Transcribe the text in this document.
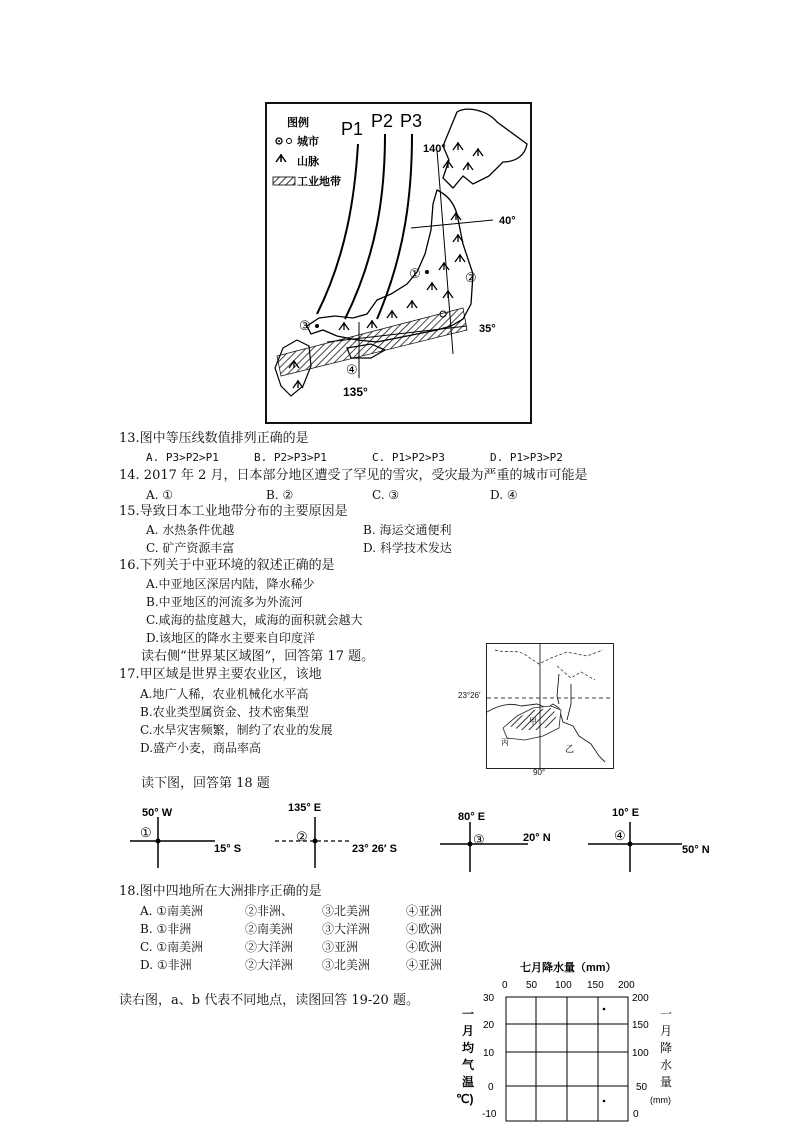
图例
城市
山脉
工业地带
P1 P2 P3
140°
40°
35°
135°
①	②
③
④
13.图中等压线数值排列正确的是
A. P3>P2>P1	B. P2>P3>P1	C. P1>P2>P3	D. P1>P3>P2
14. 2017 年 2 月，日本部分地区遭受了罕见的雪灾，受灾最为严重的城市可能是
A. ①	B. ②	C. ③	D. ④
15.导致日本工业地带分布的主要原因是
A. 水热条件优越	B. 海运交通便利
C. 矿产资源丰富	D. 科学技术发达
16.下列关于中亚环境的叙述正确的是
A.中亚地区深居内陆，降水稀少
B.中亚地区的河流多为外流河
C.咸海的盐度越大，咸海的面积就会越大
D.该地区的降水主要来自印度洋
读右侧“世界某区域图”，回答第 17 题。
17.甲区域是世界主要农业区，该地
A.地广人稀，农业机械化水平高
B.农业类型属资金、技术密集型
C.水旱灾害频繁，制约了农业的发展
D.盛产小麦，商品率高	丙
乙
甲
23°26′
90°
读下图，回答第 18 题
50° W
15° S
①
135° E
23° 26′ S
②
80° E
20° N
③
10° E
50° N
④
18.图中四地所在大洲排序正确的是
A. ①南美洲	②非洲、 ③北美洲	④亚洲
B. ①非洲	②南美洲 ③大洋洲	④欧洲
C. ①南美洲	②大洋洲 ③亚洲	④欧洲
D. ①非洲	②大洋洲 ③北美洲	④亚洲
读右图，a、b 代表不同地点，读图回答 19-20 题。
七月降水量（mm）
0 50 100 150 200
30
20
10
0
-10
200
150
100
50
0
一
月
均
气
温
℃)
一
月
降
水
量
(mm)
